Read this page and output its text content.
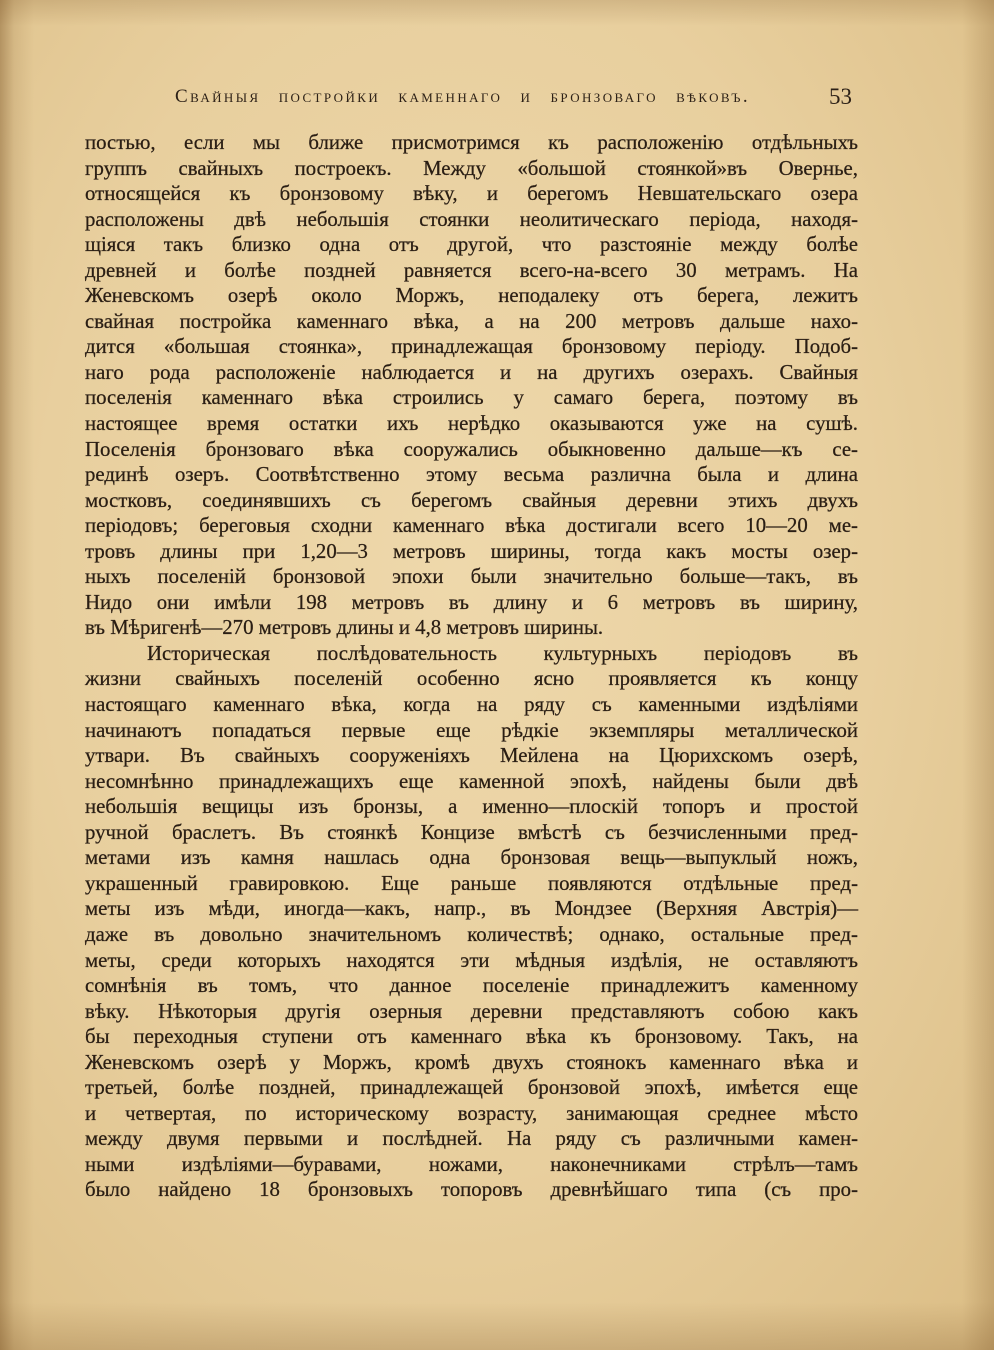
Свайныя постройки каменнаго и бронзоваго вѣковъ.	53
постью, если мы ближе присмотримся къ расположенію отдѣльныхъ
группъ свайныхъ построекъ. Между «большой стоянкой»въ Овернье,
относящейся къ бронзовому вѣку, и берегомъ Невшательскаго озера
расположены двѣ небольшія стоянки неолитическаго періода, находя-
щіяся такъ близко одна отъ другой, что разстояніе между болѣе
древней и болѣе поздней равняется всего-на-всего 30 метрамъ. На
Женевскомъ озерѣ около Моржъ, неподалеку отъ берега, лежитъ
свайная постройка каменнаго вѣка, а на 200 метровъ дальше нахо-
дится «большая стоянка», принадлежащая бронзовому періоду. Подоб-
наго рода расположеніе наблюдается и на другихъ озерахъ. Свайныя
поселенія каменнаго вѣка строились у самаго берега, поэтому въ
настоящее время остатки ихъ нерѣдко оказываются уже на сушѣ.
Поселенія бронзоваго вѣка сооружались обыкновенно дальше—къ се-
рединѣ озеръ. Соотвѣтственно этому весьма различна была и длина
мостковъ, соединявшихъ съ берегомъ свайныя деревни этихъ двухъ
періодовъ; береговыя сходни каменнаго вѣка достигали всего 10—20 ме-
тровъ длины при 1,20—3 метровъ ширины, тогда какъ мосты озер-
ныхъ поселеній бронзовой эпохи были значительно больше—такъ, въ
Нидо они имѣли 198 метровъ въ длину и 6 метровъ въ ширину,
въ Мѣригенѣ—270 метровъ длины и 4,8 метровъ ширины.
Историческая послѣдовательность культурныхъ періодовъ въ
жизни свайныхъ поселеній особенно ясно проявляется къ концу
настоящаго каменнаго вѣка, когда на ряду съ каменными издѣліями
начинаютъ попадаться первые еще рѣдкіе экземпляры металлической
утвари. Въ свайныхъ сооруженіяхъ Мейлена на Цюрихскомъ озерѣ,
несомнѣнно принадлежащихъ еще каменной эпохѣ, найдены были двѣ
небольшія вещицы изъ бронзы, а именно—плоскій топоръ и простой
ручной браслетъ. Въ стоянкѣ Концизе вмѣстѣ съ безчисленными пред-
метами изъ камня нашлась одна бронзовая вещь—выпуклый ножъ,
украшенный гравировкою. Еще раньше появляются отдѣльные пред-
меты изъ мѣди, иногда—какъ, напр., въ Мондзее (Верхняя Австрія)—
даже въ довольно значительномъ количествѣ; однако, остальные пред-
меты, среди которыхъ находятся эти мѣдныя издѣлія, не оставляютъ
сомнѣнія въ томъ, что данное поселеніе принадлежитъ каменному
вѣку. Нѣкоторыя другія озерныя деревни представляютъ собою какъ
бы переходныя ступени отъ каменнаго вѣка къ бронзовому. Такъ, на
Женевскомъ озерѣ у Моржъ, кромѣ двухъ стоянокъ каменнаго вѣка и
третьей, болѣе поздней, принадлежащей бронзовой эпохѣ, имѣется еще
и четвертая, по историческому возрасту, занимающая среднее мѣсто
между двумя первыми и послѣдней. На ряду съ различными камен-
ными издѣліями—буравами, ножами, наконечниками стрѣлъ—тамъ
было найдено 18 бронзовыхъ топоровъ древнѣйшаго типа (съ про-
